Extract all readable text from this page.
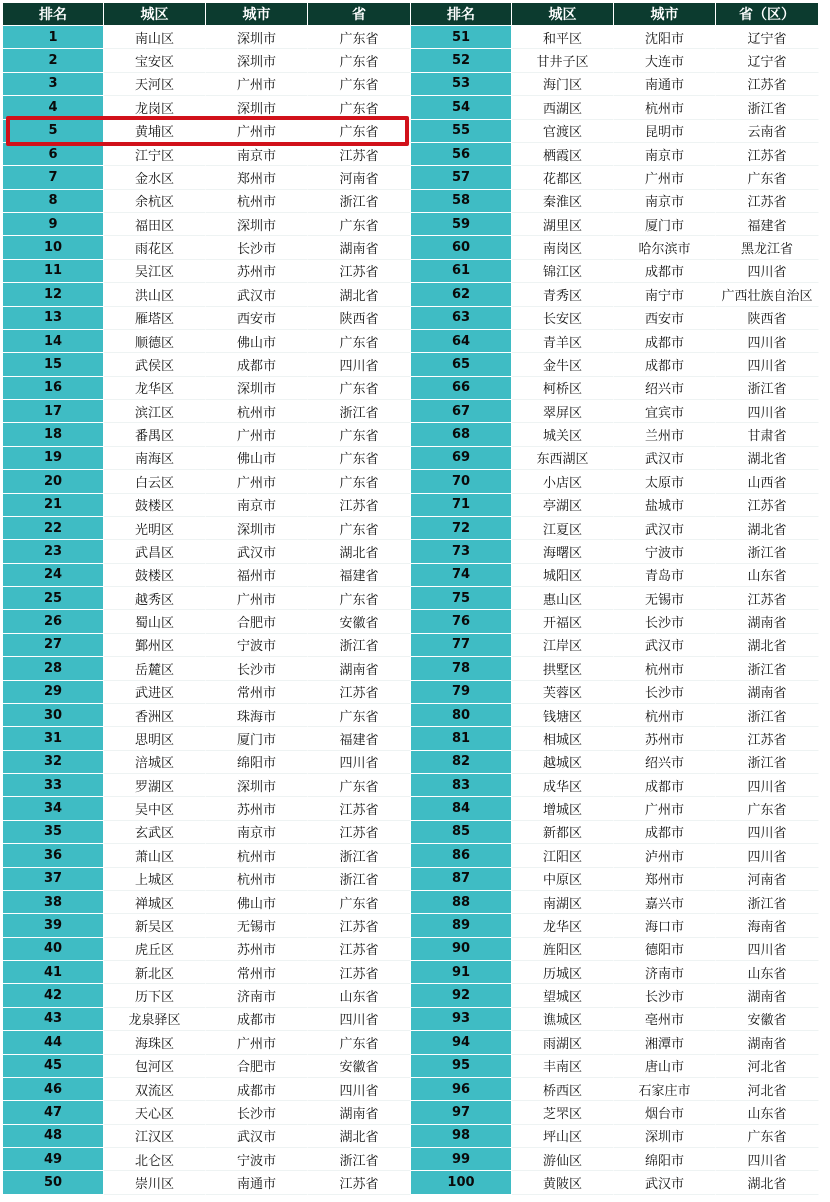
排名	城区	城市	省	排名	城区	城市	省（区）
1	南山区	深圳市	广东省	51	和平区	沈阳市	辽宁省
2	宝安区	深圳市	广东省	52	甘井子区	大连市	辽宁省
3	天河区	广州市	广东省	53	海门区	南通市	江苏省
4	龙岗区	深圳市	广东省	54	西湖区	杭州市	浙江省
5	黄埔区	广州市	广东省	55	官渡区	昆明市	云南省
6	江宁区	南京市	江苏省	56	栖霞区	南京市	江苏省
7	金水区	郑州市	河南省	57	花都区	广州市	广东省
8	余杭区	杭州市	浙江省	58	秦淮区	南京市	江苏省
9	福田区	深圳市	广东省	59	湖里区	厦门市	福建省
10	雨花区	长沙市	湖南省	60	南岗区	哈尔滨市	黑龙江省
11	吴江区	苏州市	江苏省	61	锦江区	成都市	四川省
12	洪山区	武汉市	湖北省	62	青秀区	南宁市	广西壮族自治区
13	雁塔区	西安市	陕西省	63	长安区	西安市	陕西省
14	顺德区	佛山市	广东省	64	青羊区	成都市	四川省
15	武侯区	成都市	四川省	65	金牛区	成都市	四川省
16	龙华区	深圳市	广东省	66	柯桥区	绍兴市	浙江省
17	滨江区	杭州市	浙江省	67	翠屏区	宜宾市	四川省
18	番禺区	广州市	广东省	68	城关区	兰州市	甘肃省
19	南海区	佛山市	广东省	69	东西湖区	武汉市	湖北省
20	白云区	广州市	广东省	70	小店区	太原市	山西省
21	鼓楼区	南京市	江苏省	71	亭湖区	盐城市	江苏省
22	光明区	深圳市	广东省	72	江夏区	武汉市	湖北省
23	武昌区	武汉市	湖北省	73	海曙区	宁波市	浙江省
24	鼓楼区	福州市	福建省	74	城阳区	青岛市	山东省
25	越秀区	广州市	广东省	75	惠山区	无锡市	江苏省
26	蜀山区	合肥市	安徽省	76	开福区	长沙市	湖南省
27	鄞州区	宁波市	浙江省	77	江岸区	武汉市	湖北省
28	岳麓区	长沙市	湖南省	78	拱墅区	杭州市	浙江省
29	武进区	常州市	江苏省	79	芙蓉区	长沙市	湖南省
30	香洲区	珠海市	广东省	80	钱塘区	杭州市	浙江省
31	思明区	厦门市	福建省	81	相城区	苏州市	江苏省
32	涪城区	绵阳市	四川省	82	越城区	绍兴市	浙江省
33	罗湖区	深圳市	广东省	83	成华区	成都市	四川省
34	吴中区	苏州市	江苏省	84	增城区	广州市	广东省
35	玄武区	南京市	江苏省	85	新都区	成都市	四川省
36	萧山区	杭州市	浙江省	86	江阳区	泸州市	四川省
37	上城区	杭州市	浙江省	87	中原区	郑州市	河南省
38	禅城区	佛山市	广东省	88	南湖区	嘉兴市	浙江省
39	新吴区	无锡市	江苏省	89	龙华区	海口市	海南省
40	虎丘区	苏州市	江苏省	90	旌阳区	德阳市	四川省
41	新北区	常州市	江苏省	91	历城区	济南市	山东省
42	历下区	济南市	山东省	92	望城区	长沙市	湖南省
43	龙泉驿区	成都市	四川省	93	谯城区	亳州市	安徽省
44	海珠区	广州市	广东省	94	雨湖区	湘潭市	湖南省
45	包河区	合肥市	安徽省	95	丰南区	唐山市	河北省
46	双流区	成都市	四川省	96	桥西区	石家庄市	河北省
47	天心区	长沙市	湖南省	97	芝罘区	烟台市	山东省
48	江汉区	武汉市	湖北省	98	坪山区	深圳市	广东省
49	北仑区	宁波市	浙江省	99	游仙区	绵阳市	四川省
50	崇川区	南通市	江苏省	100	黄陂区	武汉市	湖北省
